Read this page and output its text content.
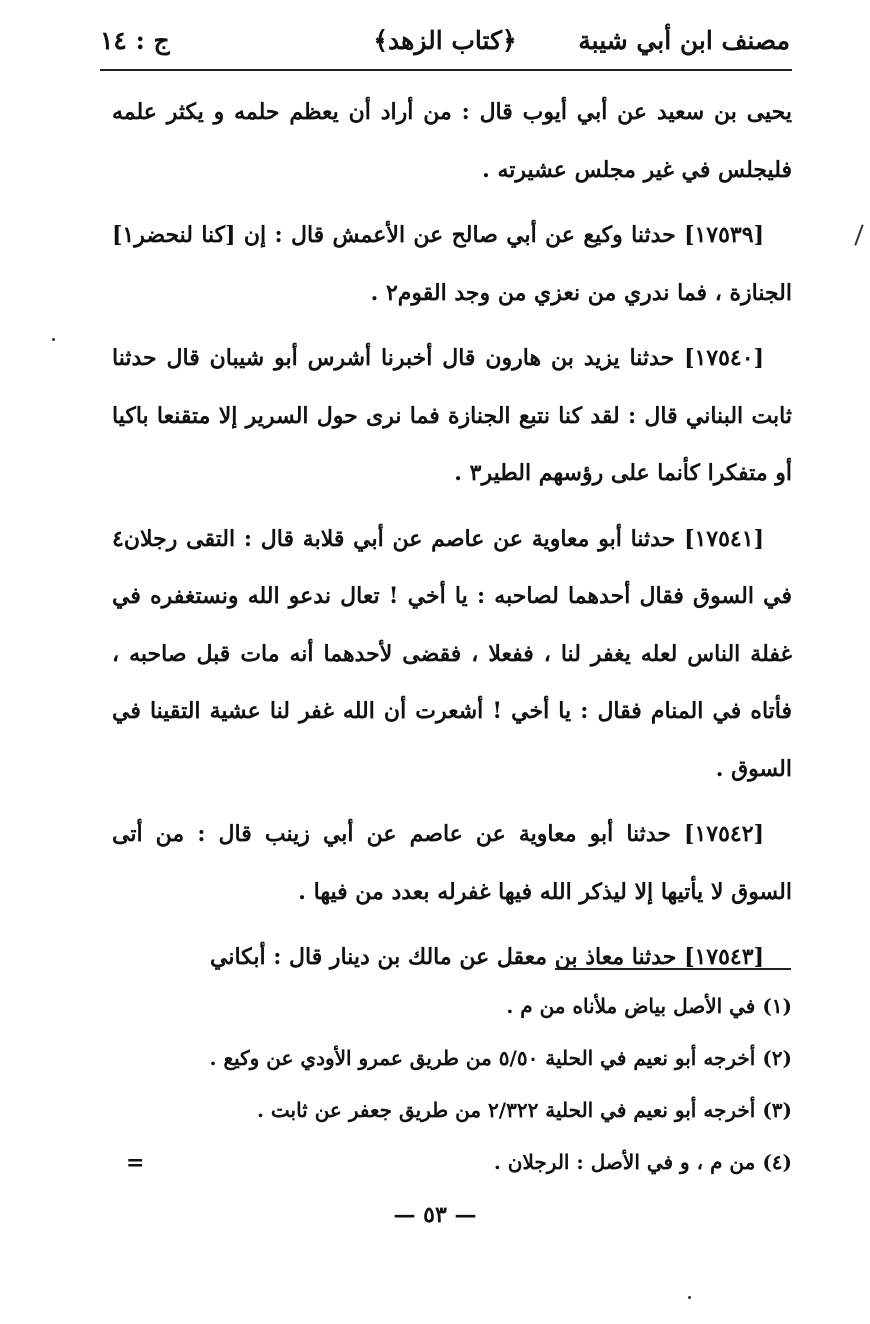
مصنف ابن أبي شيبة
﴿كتاب الزهد﴾
ج : ١٤

يحيى بن سعيد عن أبي أيوب قال : من أراد أن يعظم حلمه و يكثر علمه فليجلس في غير مجلس عشيرته .

[١٧٥٣٩] حدثنا وكيع عن أبي صالح عن الأعمش قال : إن [كنا لنحضر١] الجنازة ، فما ندري من نعزي من وجد القوم٢ .

[١٧٥٤٠] حدثنا يزيد بن هارون قال أخبرنا أشرس أبو شيبان قال حدثنا ثابت البناني قال : لقد كنا نتبع الجنازة فما نرى حول السرير إلا متقنعا باكيا أو متفكرا كأنما على رؤسهم الطير٣ .

[١٧٥٤١] حدثنا أبو معاوية عن عاصم عن أبي قلابة قال : التقى رجلان٤ في السوق فقال أحدهما لصاحبه : يا أخي ! تعال ندعو الله ونستغفره في غفلة الناس لعله يغفر لنا ، ففعلا ، فقضى لأحدهما أنه مات قبل صاحبه ، فأتاه في المنام فقال : يا أخي ! أشعرت أن الله غفر لنا عشية التقينا في السوق .

[١٧٥٤٢] حدثنا أبو معاوية عن عاصم عن أبي زينب قال : من أتى السوق لا يأتيها إلا ليذكر الله فيها غفرله بعدد من فيها .

[١٧٥٤٣] حدثنا معاذ بن معقل عن مالك بن دينار قال : أبكاني

(١) في الأصل بياض ملأناه من م .
(٢) أخرجه أبو نعيم في الحلية ٥/٥٠ من طريق عمرو الأودي عن وكيع .
(٣) أخرجه أبو نعيم في الحلية ٢/٣٢٢ من طريق جعفر عن ثابت .
(٤) من م ، و في الأصل : الرجلان .
=
— ٥٣ —
